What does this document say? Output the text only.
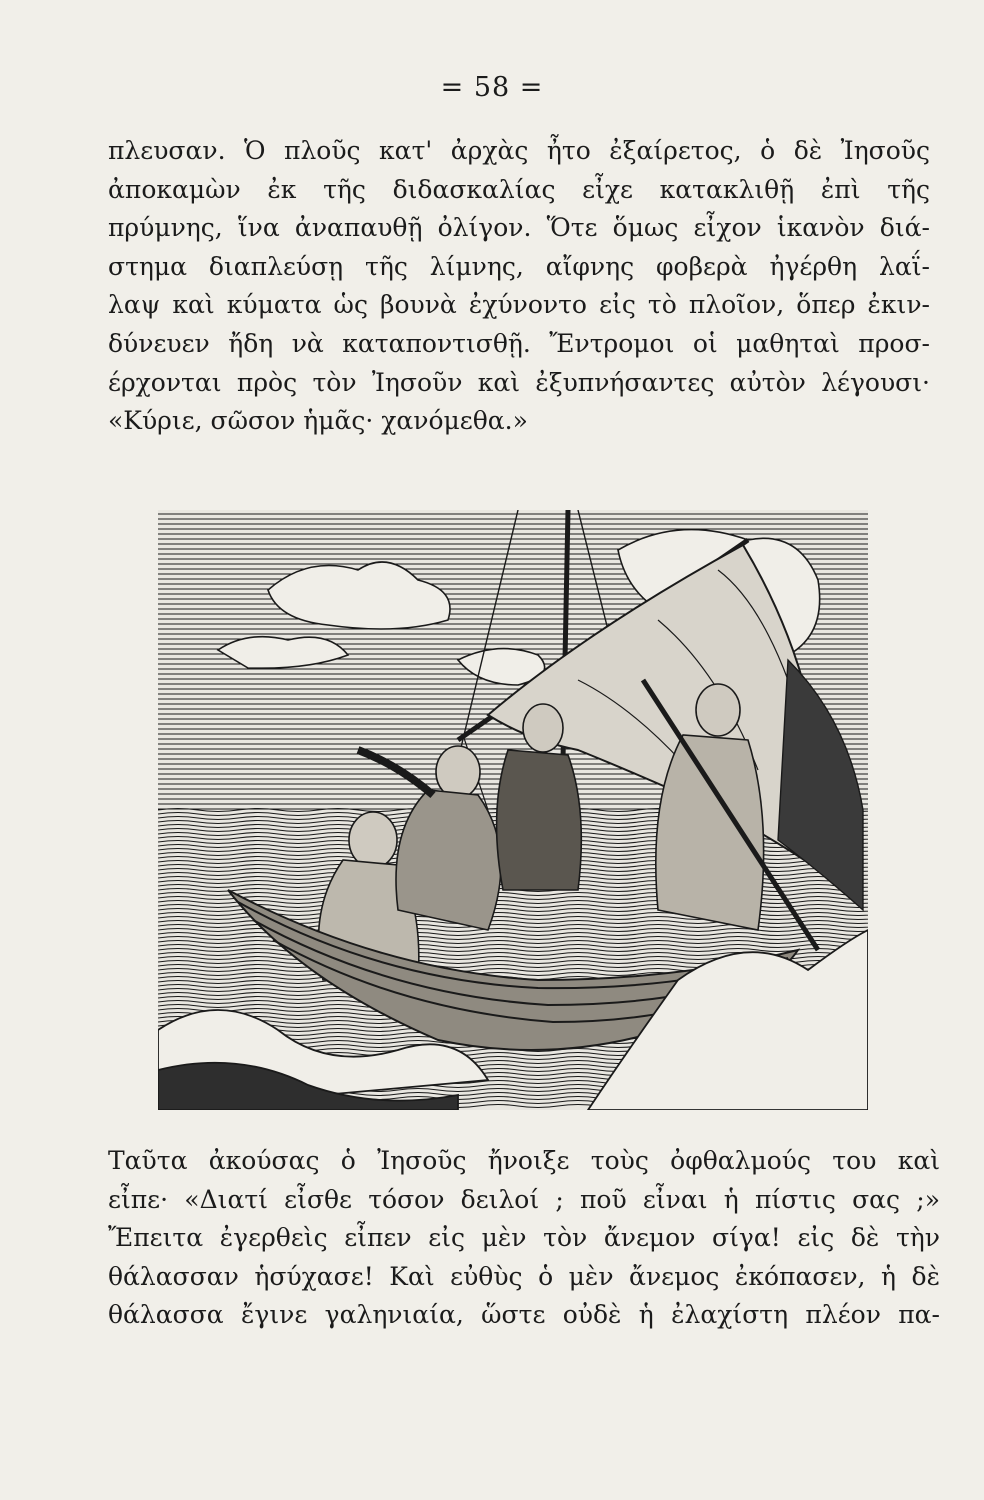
= 58 =

πλευσαν. Ὁ πλοῦς κατ' ἀρχὰς ἦτο ἐξαίρετος, ὁ δὲ Ἰησοῦς
ἀποκαμὼν ἐκ τῆς διδασκαλίας εἶχε κατακλιθῇ ἐπὶ τῆς
πρύμνης, ἵνα ἀναπαυθῇ ὀλίγον. Ὅτε ὅμως εἶχον ἱκανὸν διά-
στημα διαπλεύσῃ τῆς λίμνης, αἴφνης φοβερὰ ἠγέρθη λαΐ-
λαψ καὶ κύματα ὡς βουνὰ ἐχύνοντο εἰς τὸ πλοῖον, ὅπερ ἐκιν-
δύνευεν ἤδη νὰ καταποντισθῇ. Ἔντρομοι οἱ μαθηταὶ προσ-
έρχονται πρὸς τὸν Ἰησοῦν καὶ ἐξυπνήσαντες αὐτὸν λέγουσι·
«Κύριε, σῶσον ἡμᾶς· χανόμεθα.»

Ταῦτα ἀκούσας ὁ Ἰησοῦς ἤνοιξε τοὺς ὀφθαλμούς του καὶ
εἶπε· «Διατί εἶσθε τόσον δειλοί ; ποῦ εἶναι ἡ πίστις σας ;»
Ἔπειτα ἐγερθεὶς εἶπεν εἰς μὲν τὸν ἄνεμον σίγα! εἰς δὲ τὴν
θάλασσαν ἡσύχασε! Καὶ εὐθὺς ὁ μὲν ἄνεμος ἐκόπασεν, ἡ δὲ
θάλασσα ἔγινε γαληνιαία, ὥστε οὐδὲ ἡ ἐλαχίστη πλέον πα-
